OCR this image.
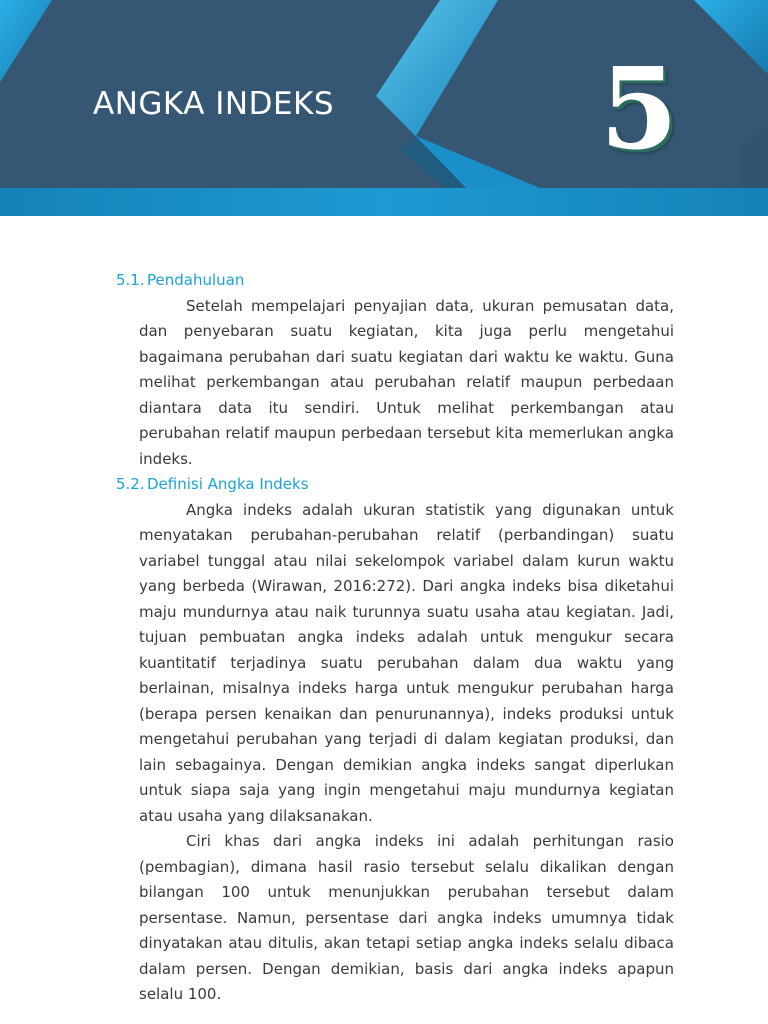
ANGKA INDEKS 5
5.1. Pendahuluan

Setelah mempelajari penyajian data, ukuran pemusatan data, dan penyebaran suatu kegiatan, kita juga perlu mengetahui bagaimana perubahan dari suatu kegiatan dari waktu ke waktu. Guna melihat perkembangan atau perubahan relatif maupun perbedaan diantara data itu sendiri. Untuk melihat perkembangan atau perubahan relatif maupun perbedaan tersebut kita memerlukan angka indeks.

5.2. Definisi Angka Indeks

Angka indeks adalah ukuran statistik yang digunakan untuk menyatakan perubahan-perubahan relatif (perbandingan) suatu variabel tunggal atau nilai sekelompok variabel dalam kurun waktu yang berbeda (Wirawan, 2016:272). Dari angka indeks bisa diketahui maju mundurnya atau naik turunnya suatu usaha atau kegiatan. Jadi, tujuan pembuatan angka indeks adalah untuk mengukur secara kuantitatif terjadinya suatu perubahan dalam dua waktu yang berlainan, misalnya indeks harga untuk mengukur perubahan harga (berapa persen kenaikan dan penurunannya), indeks produksi untuk mengetahui perubahan yang terjadi di dalam kegiatan produksi, dan lain sebagainya. Dengan demikian angka indeks sangat diperlukan untuk siapa saja yang ingin mengetahui maju mundurnya kegiatan atau usaha yang dilaksanakan.

Ciri khas dari angka indeks ini adalah perhitungan rasio (pembagian), dimana hasil rasio tersebut selalu dikalikan dengan bilangan 100 untuk menunjukkan perubahan tersebut dalam persentase. Namun, persentase dari angka indeks umumnya tidak dinyatakan atau ditulis, akan tetapi setiap angka indeks selalu dibaca dalam persen. Dengan demikian, basis dari angka indeks apapun selalu 100.
